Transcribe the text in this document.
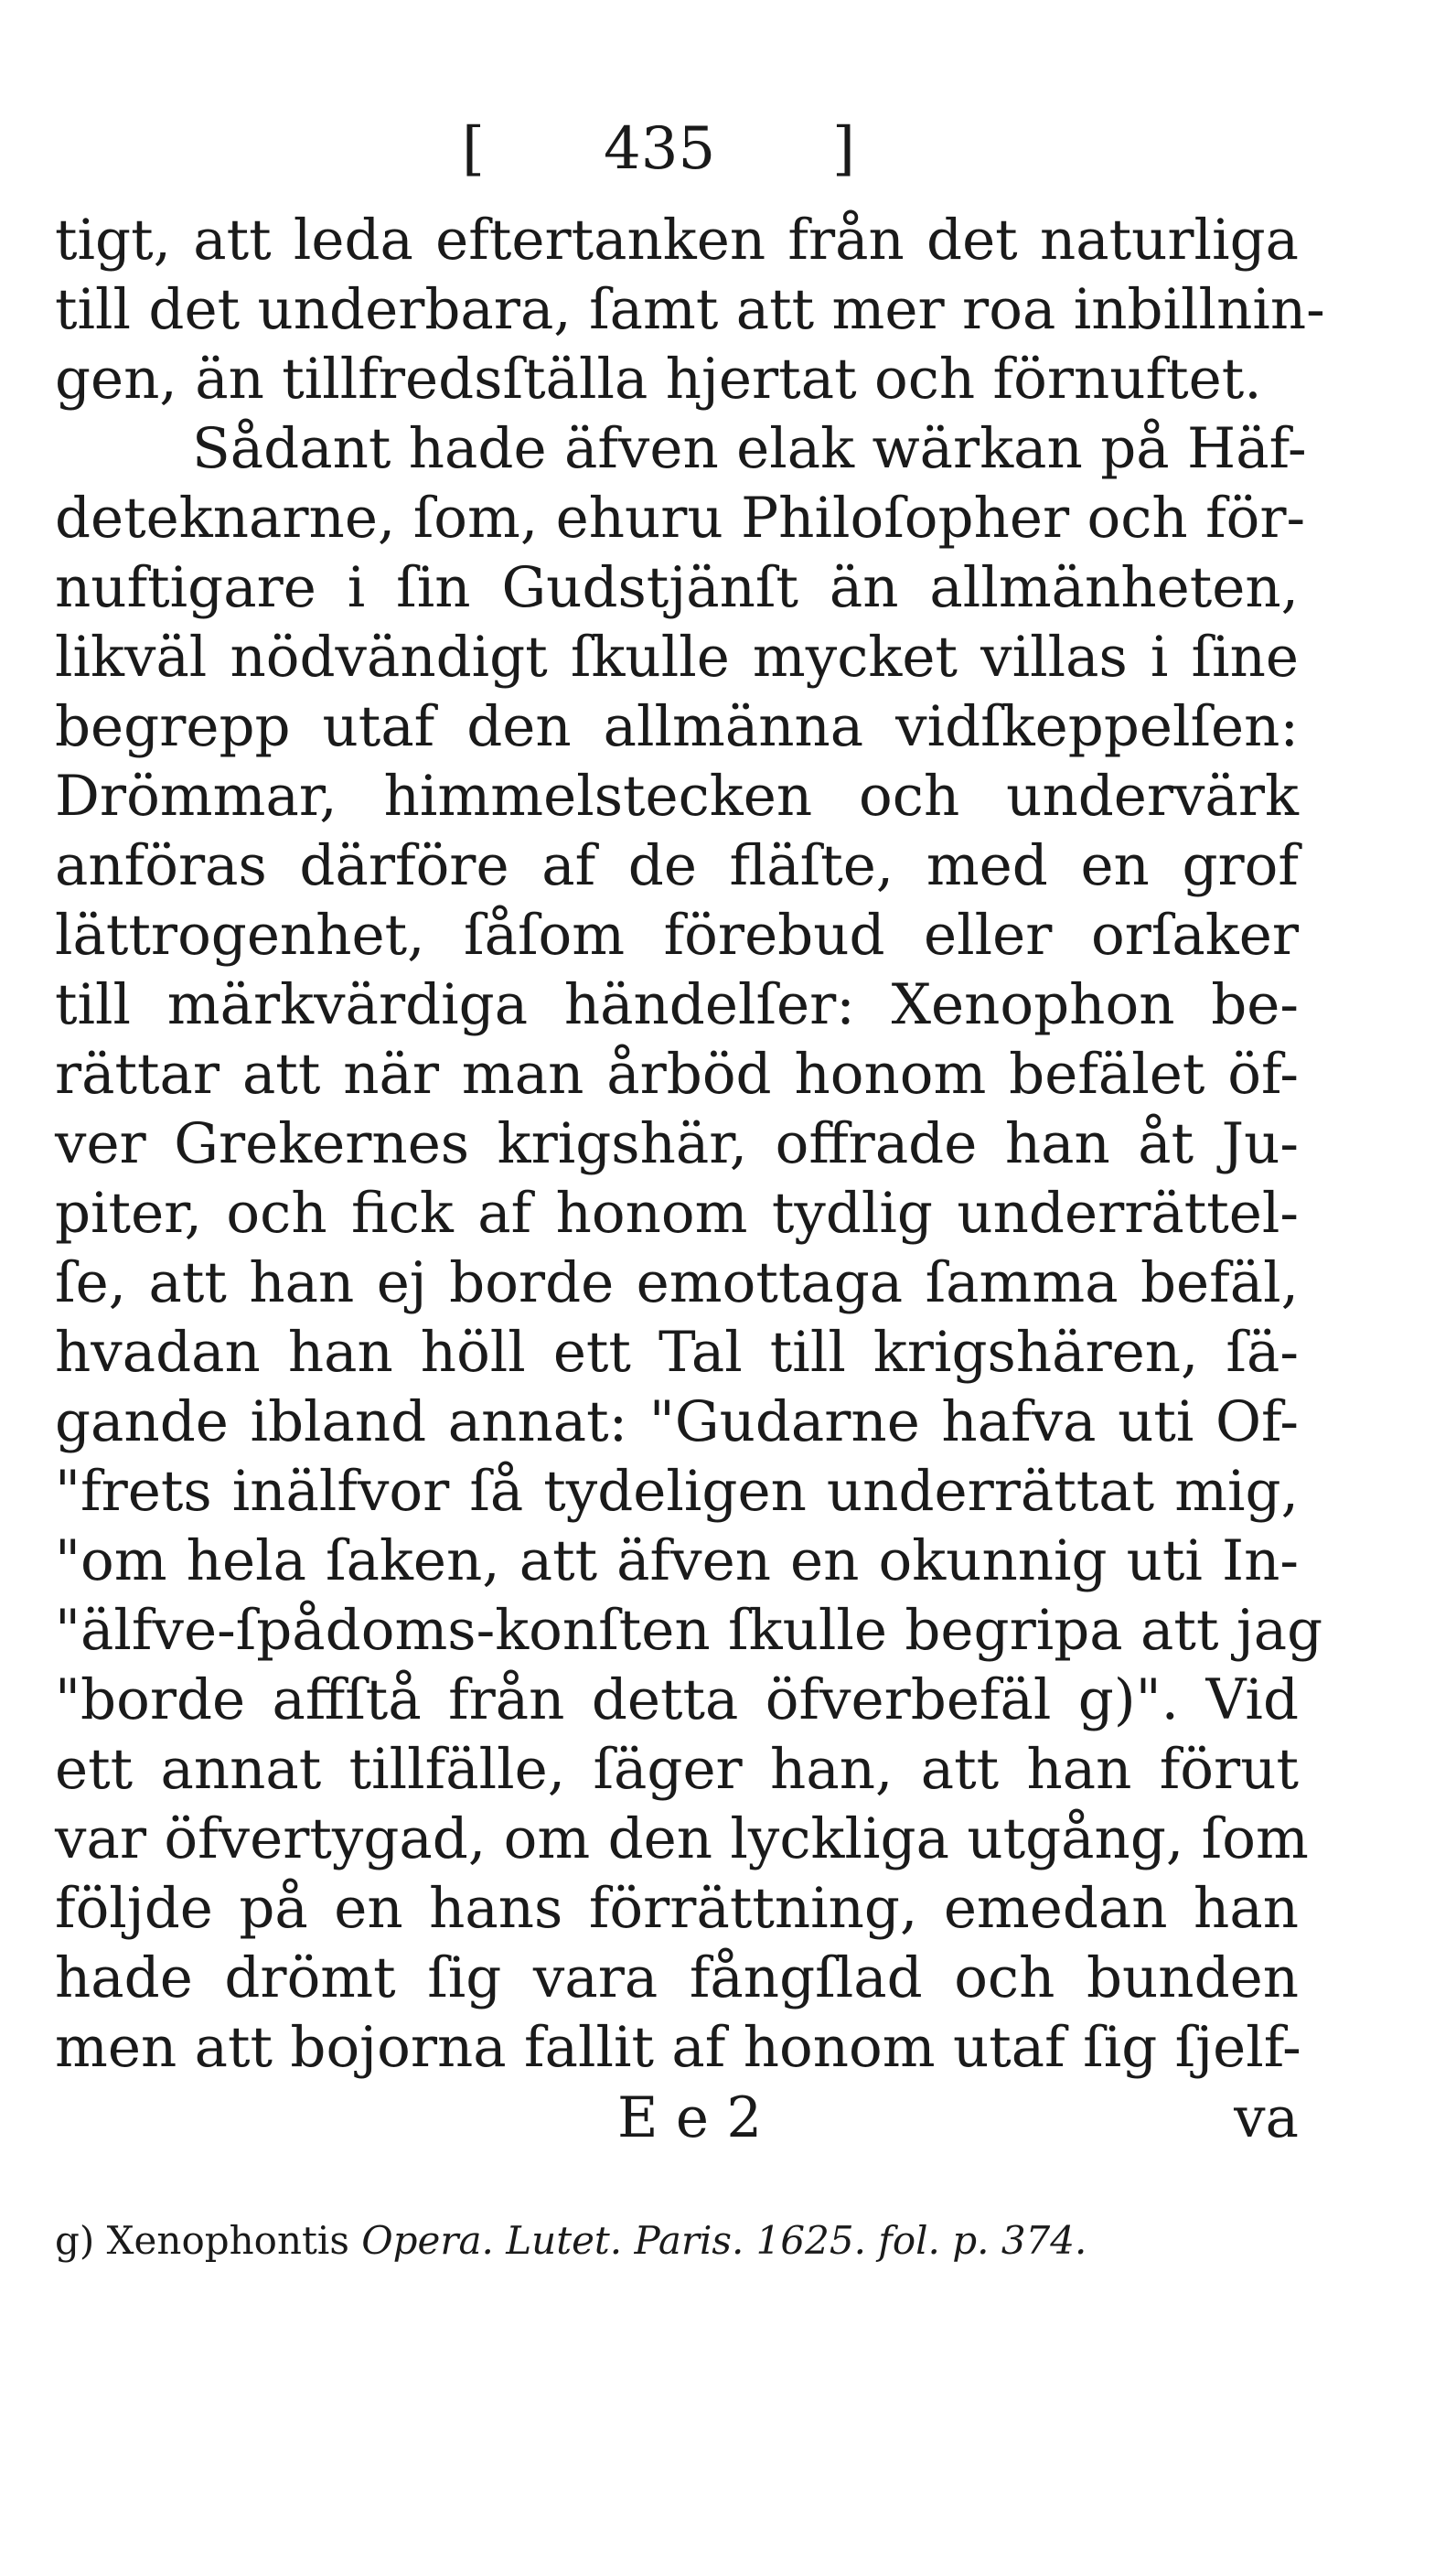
[ 435 ]
tigt, att leda eftertanken från det naturliga
till det underbara, ſamt att mer roa inbillnin-
gen, än tillfredsſtälla hjertat och förnuftet.
Sådant hade äfven elak wärkan på Häf-
deteknarne, ſom, ehuru Philoſopher och för-
nuftigare i ſin Gudstjänſt än allmänheten,
likväl nödvändigt ſkulle mycket villas i ſine
begrepp utaf den allmänna vidſkeppelſen:
Drömmar, himmelstecken och undervärk
anföras därföre af de fläſte, med en grof
lättrogenhet, ſåſom förebud eller orſaker
till märkvärdiga händelſer: Xenophon be-
rättar att när man årböd honom befälet öf-
ver Grekernes krigshär, offrade han åt Ju-
piter, och fick af honom tydlig underrättel-
ſe, att han ej borde emottaga ſamma befäl,
hvadan han höll ett Tal till krigshären, ſä-
gande ibland annat: "Gudarne hafva uti Of-
"frets inälfvor ſå tydeligen underrättat mig,
"om hela ſaken, att äfven en okunnig uti In-
"älfve-ſpådoms-konſten ſkulle begripa att jag
"borde affſtå från detta öfverbefäl g)". Vid
ett annat tillfälle, ſäger han, att han förut
var öfvertygad, om den lyckliga utgång, ſom
följde på en hans förrättning, emedan han
hade drömt ſig vara fångſlad och bunden
men att bojorna fallit af honom utaf ſig ſjelf-
E e 2	va
g) Xenophontis Opera. Lutet. Paris. 1625. fol. p. 374.
